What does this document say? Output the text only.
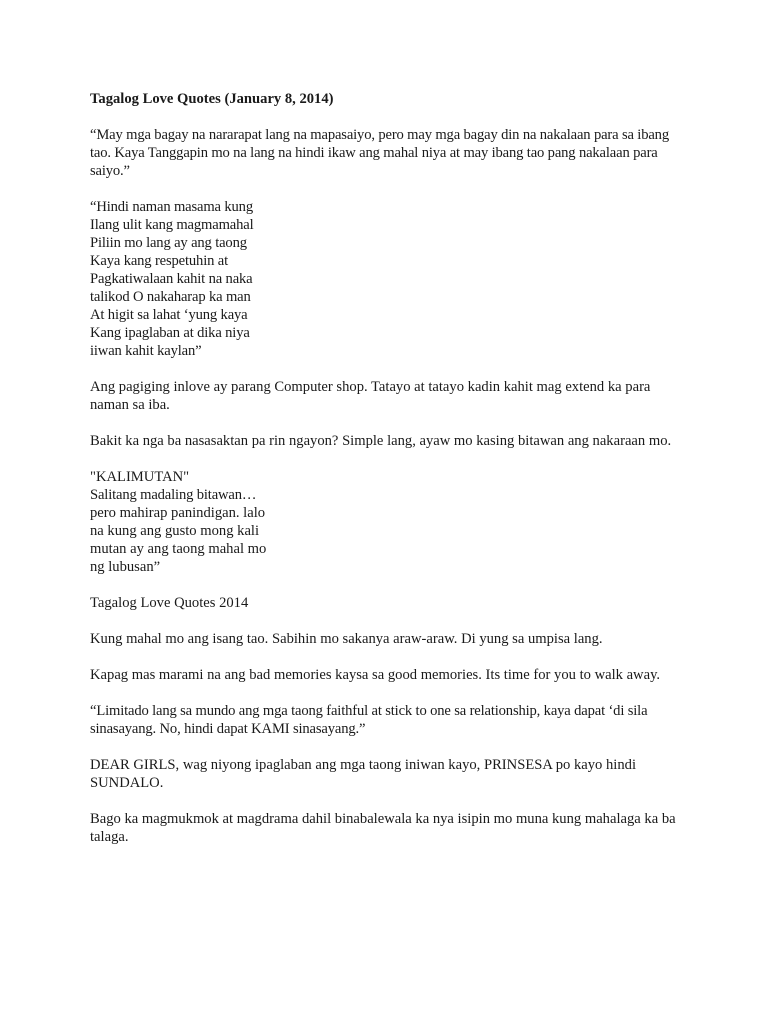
Tagalog Love Quotes (January 8, 2014)

“May mga bagay na nararapat lang na mapasaiyo, pero may mga bagay din na nakalaan para sa ibang tao. Kaya Tanggapin mo na lang na hindi ikaw ang mahal niya at may ibang tao pang nakalaan para saiyo.”

“Hindi naman masama kung
Ilang ulit kang magmamahal
Piliin mo lang ay ang taong
Kaya kang respetuhin at
Pagkatiwalaan kahit na naka
talikod O nakaharap ka man
At higit sa lahat ‘yung kaya
Kang ipaglaban at dika niya
iiwan kahit kaylan”

Ang pagiging inlove ay parang Computer shop. Tatayo at tatayo kadin kahit mag extend ka para naman sa iba.

Bakit ka nga ba nasasaktan pa rin ngayon? Simple lang, ayaw mo kasing bitawan ang nakaraan mo.

"KALIMUTAN"
Salitang madaling bitawan…
pero mahirap panindigan. lalo
na kung ang gusto mong kali
mutan ay ang taong mahal mo
ng lubusan”

Tagalog Love Quotes 2014

Kung mahal mo ang isang tao. Sabihin mo sakanya araw-araw. Di yung sa umpisa lang.

Kapag mas marami na ang bad memories kaysa sa good memories. Its time for you to walk away.

“Limitado lang sa mundo ang mga taong faithful at stick to one sa relationship, kaya dapat ‘di sila sinasayang. No, hindi dapat KAMI sinasayang.”

DEAR GIRLS, wag niyong ipaglaban ang mga taong iniwan kayo, PRINSESA po kayo hindi SUNDALO.

Bago ka magmukmok at magdrama dahil binabalewala ka nya isipin mo muna kung mahalaga ka ba talaga.
